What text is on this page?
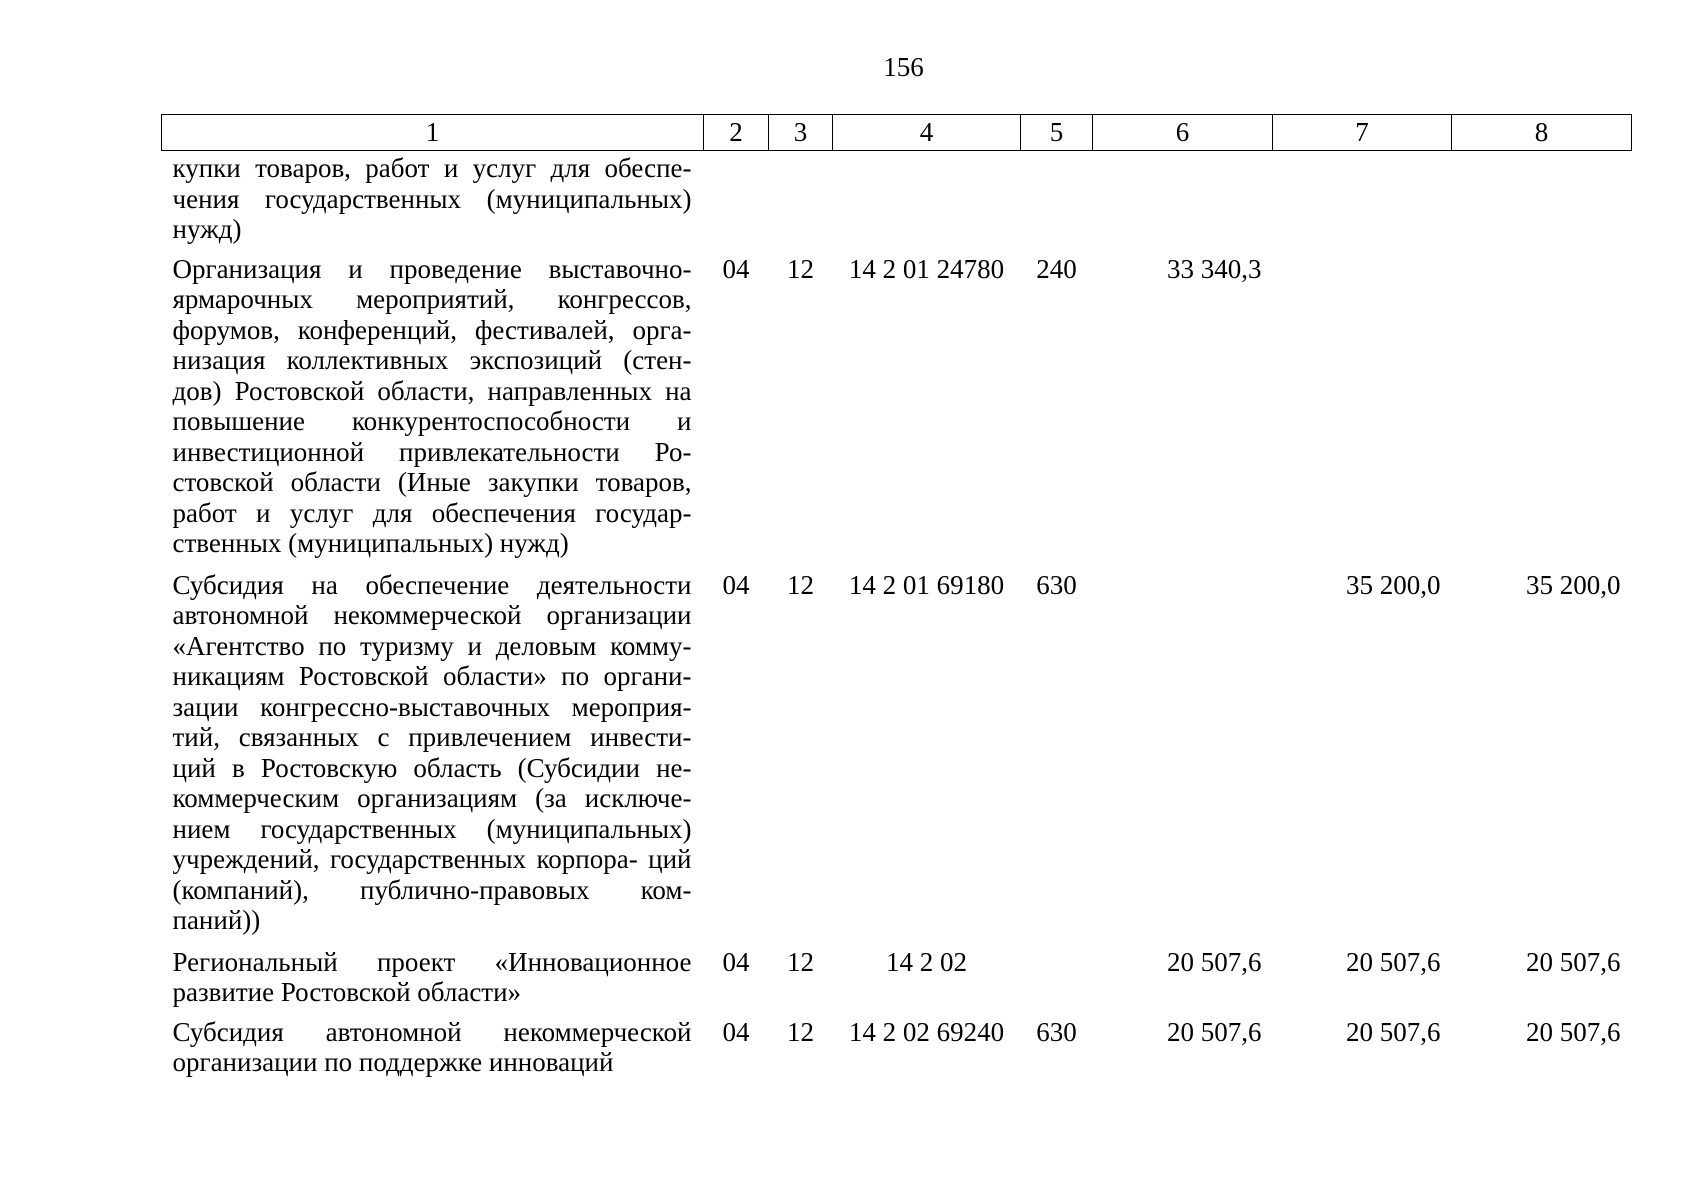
156
1	2	3	4	5	6	7	8
купки товаров, работ и услуг для обеспе- чения государственных (муниципальных) нужд)							
Организация и проведение выставочно- ярмарочных мероприятий, конгрессов, форумов, конференций, фестивалей, орга- низация коллективных экспозиций (стен- дов) Ростовской области, направленных на повышение конкурентоспособности и инвестиционной привлекательности Ро- стовской области (Иные закупки товаров, работ и услуг для обеспечения государ- ственных (муниципальных) нужд)	04	12	14 2 01 24780	240	33 340,3		
Субсидия на обеспечение деятельности автономной некоммерческой организации «Агентство по туризму и деловым комму- никациям Ростовской области» по органи- зации конгрессно-выставочных мероприя- тий, связанных с привлечением инвести- ций в Ростовскую область (Субсидии не- коммерческим организациям (за исключе- нием государственных (муниципальных) учреждений, государственных корпора- ций (компаний), публично-правовых ком- паний))	04	12	14 2 01 69180	630		35 200,0	35 200,0
Региональный проект «Инновационное развитие Ростовской области»	04	12	14 2 02		20 507,6	20 507,6	20 507,6
Субсидия автономной некоммерческой организации по поддержке инноваций	04	12	14 2 02 69240	630	20 507,6	20 507,6	20 507,6
